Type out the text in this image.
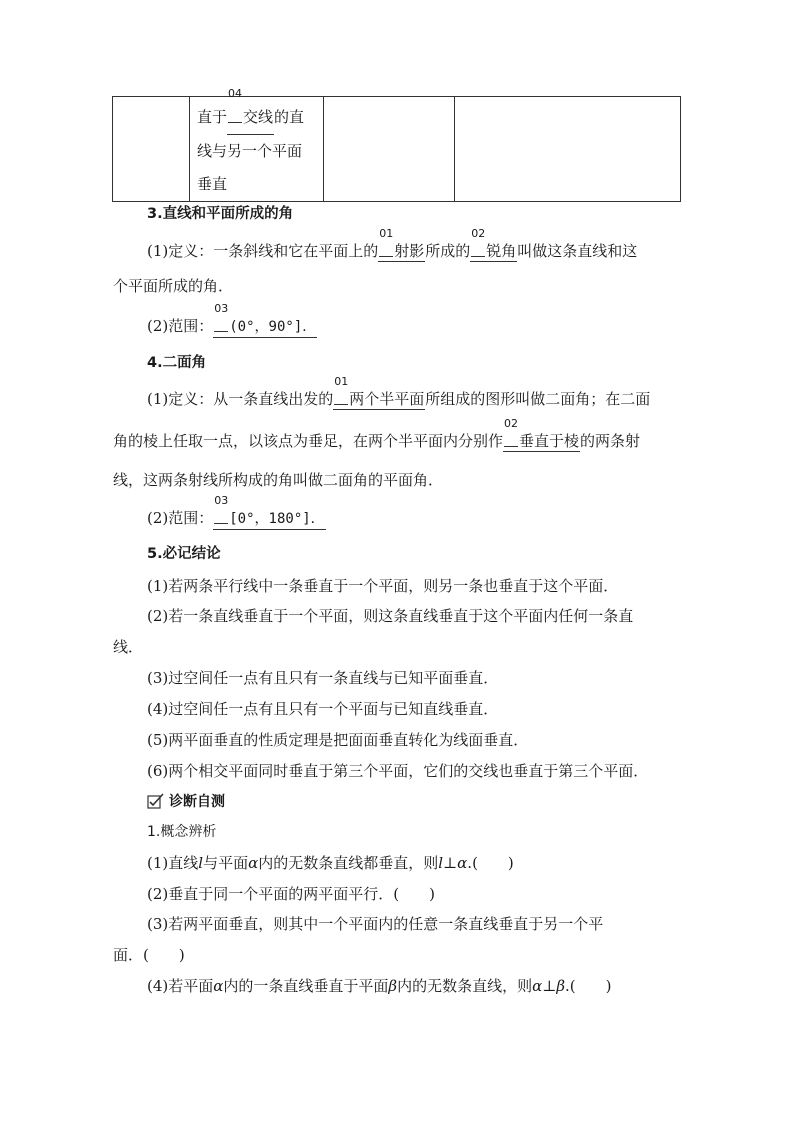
直于
04
交线的直
线与另一个平面
垂直

3.直线和平面所成的角
(1)定义：一条斜线和它在平面上的
01
射影所成的
02
锐角叫做这条直线和这
个平面所成的角．
(2)范围：
03
(0°，90°]．
4.二面角
(1)定义：从一条直线出发的
01
两个半平面所组成的图形叫做二面角；在二面
角的棱上任取一点，以该点为垂足，在两个半平面内分别作
02
垂直于棱的两条射
线，这两条射线所构成的角叫做二面角的平面角．
(2)范围：
03
[0°，180°]．
5.必记结论
(1)若两条平行线中一条垂直于一个平面，则另一条也垂直于这个平面．
(2)若一条直线垂直于一个平面，则这条直线垂直于这个平面内任何一条直
线．
(3)过空间任一点有且只有一条直线与已知平面垂直．
(4)过空间任一点有且只有一个平面与已知直线垂直．
(5)两平面垂直的性质定理是把面面垂直转化为线面垂直．
(6)两个相交平面同时垂直于第三个平面，它们的交线也垂直于第三个平面．
诊断自测
1.概念辨析
(1)直线l与平面α内的无数条直线都垂直，则l⊥α.(　　)
(2)垂直于同一个平面的两平面平行．(　　)
(3)若两平面垂直，则其中一个平面内的任意一条直线垂直于另一个平
面．(　　)
(4)若平面α内的一条直线垂直于平面β内的无数条直线，则α⊥β.(　　)
